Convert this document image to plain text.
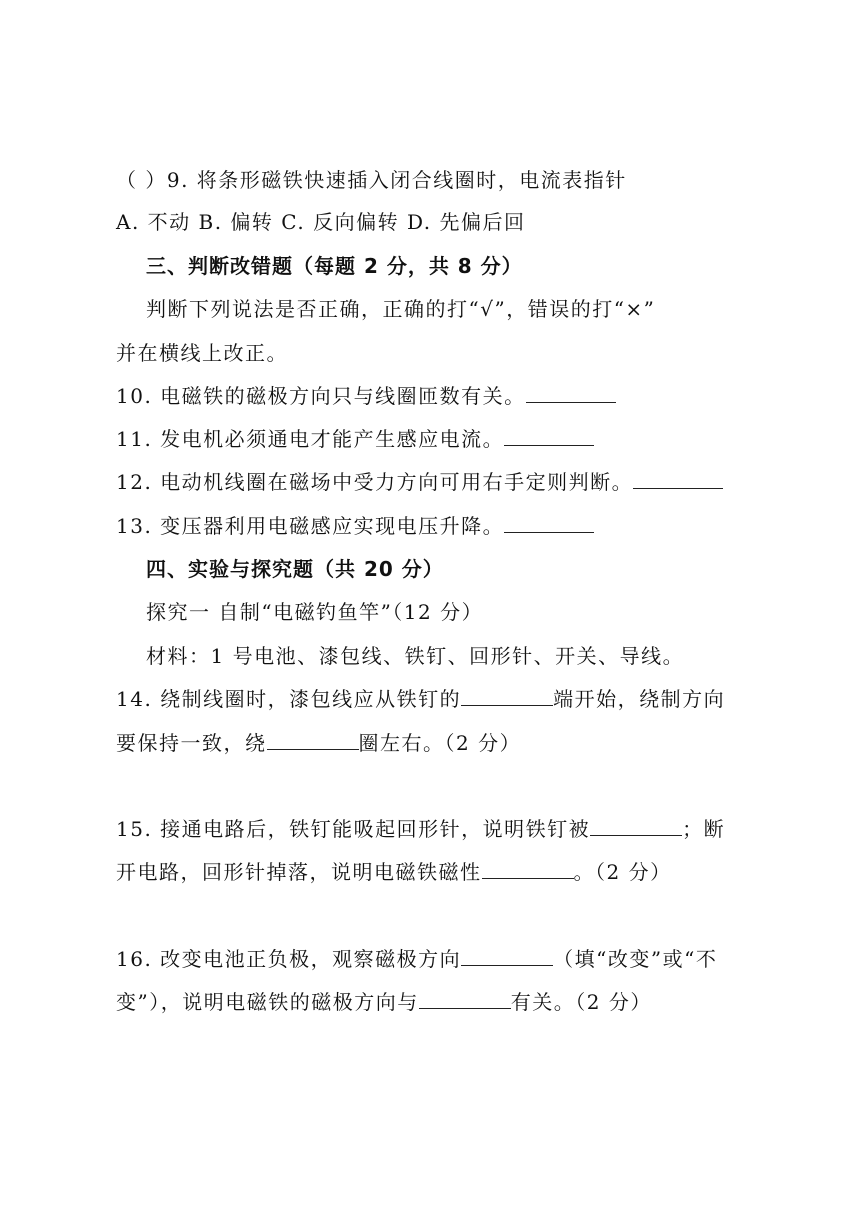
（ ）9. 将条形磁铁快速插入闭合线圈时，电流表指针
A. 不动 B. 偏转 C. 反向偏转 D. 先偏后回
三、判断改错题（每题 2 分，共 8 分）
判断下列说法是否正确，正确的打“√”，错误的打“×”
并在横线上改正。
10. 电磁铁的磁极方向只与线圈匝数有关。
11. 发电机必须通电才能产生感应电流。
12. 电动机线圈在磁场中受力方向可用右手定则判断。
13. 变压器利用电磁感应实现电压升降。
四、实验与探究题（共 20 分）
探究一 自制“电磁钓鱼竿”（12 分）
材料：1 号电池、漆包线、铁钉、回形针、开关、导线。
14. 绕制线圈时，漆包线应从铁钉的	端开始，绕制方向
要保持一致，绕	圈左右。（2 分）
15. 接通电路后，铁钉能吸起回形针，说明铁钉被	；断
开电路，回形针掉落，说明电磁铁磁性	。（2 分）
16. 改变电池正负极，观察磁极方向	（填“改变”或“不
变”），说明电磁铁的磁极方向与	有关。（2 分）
